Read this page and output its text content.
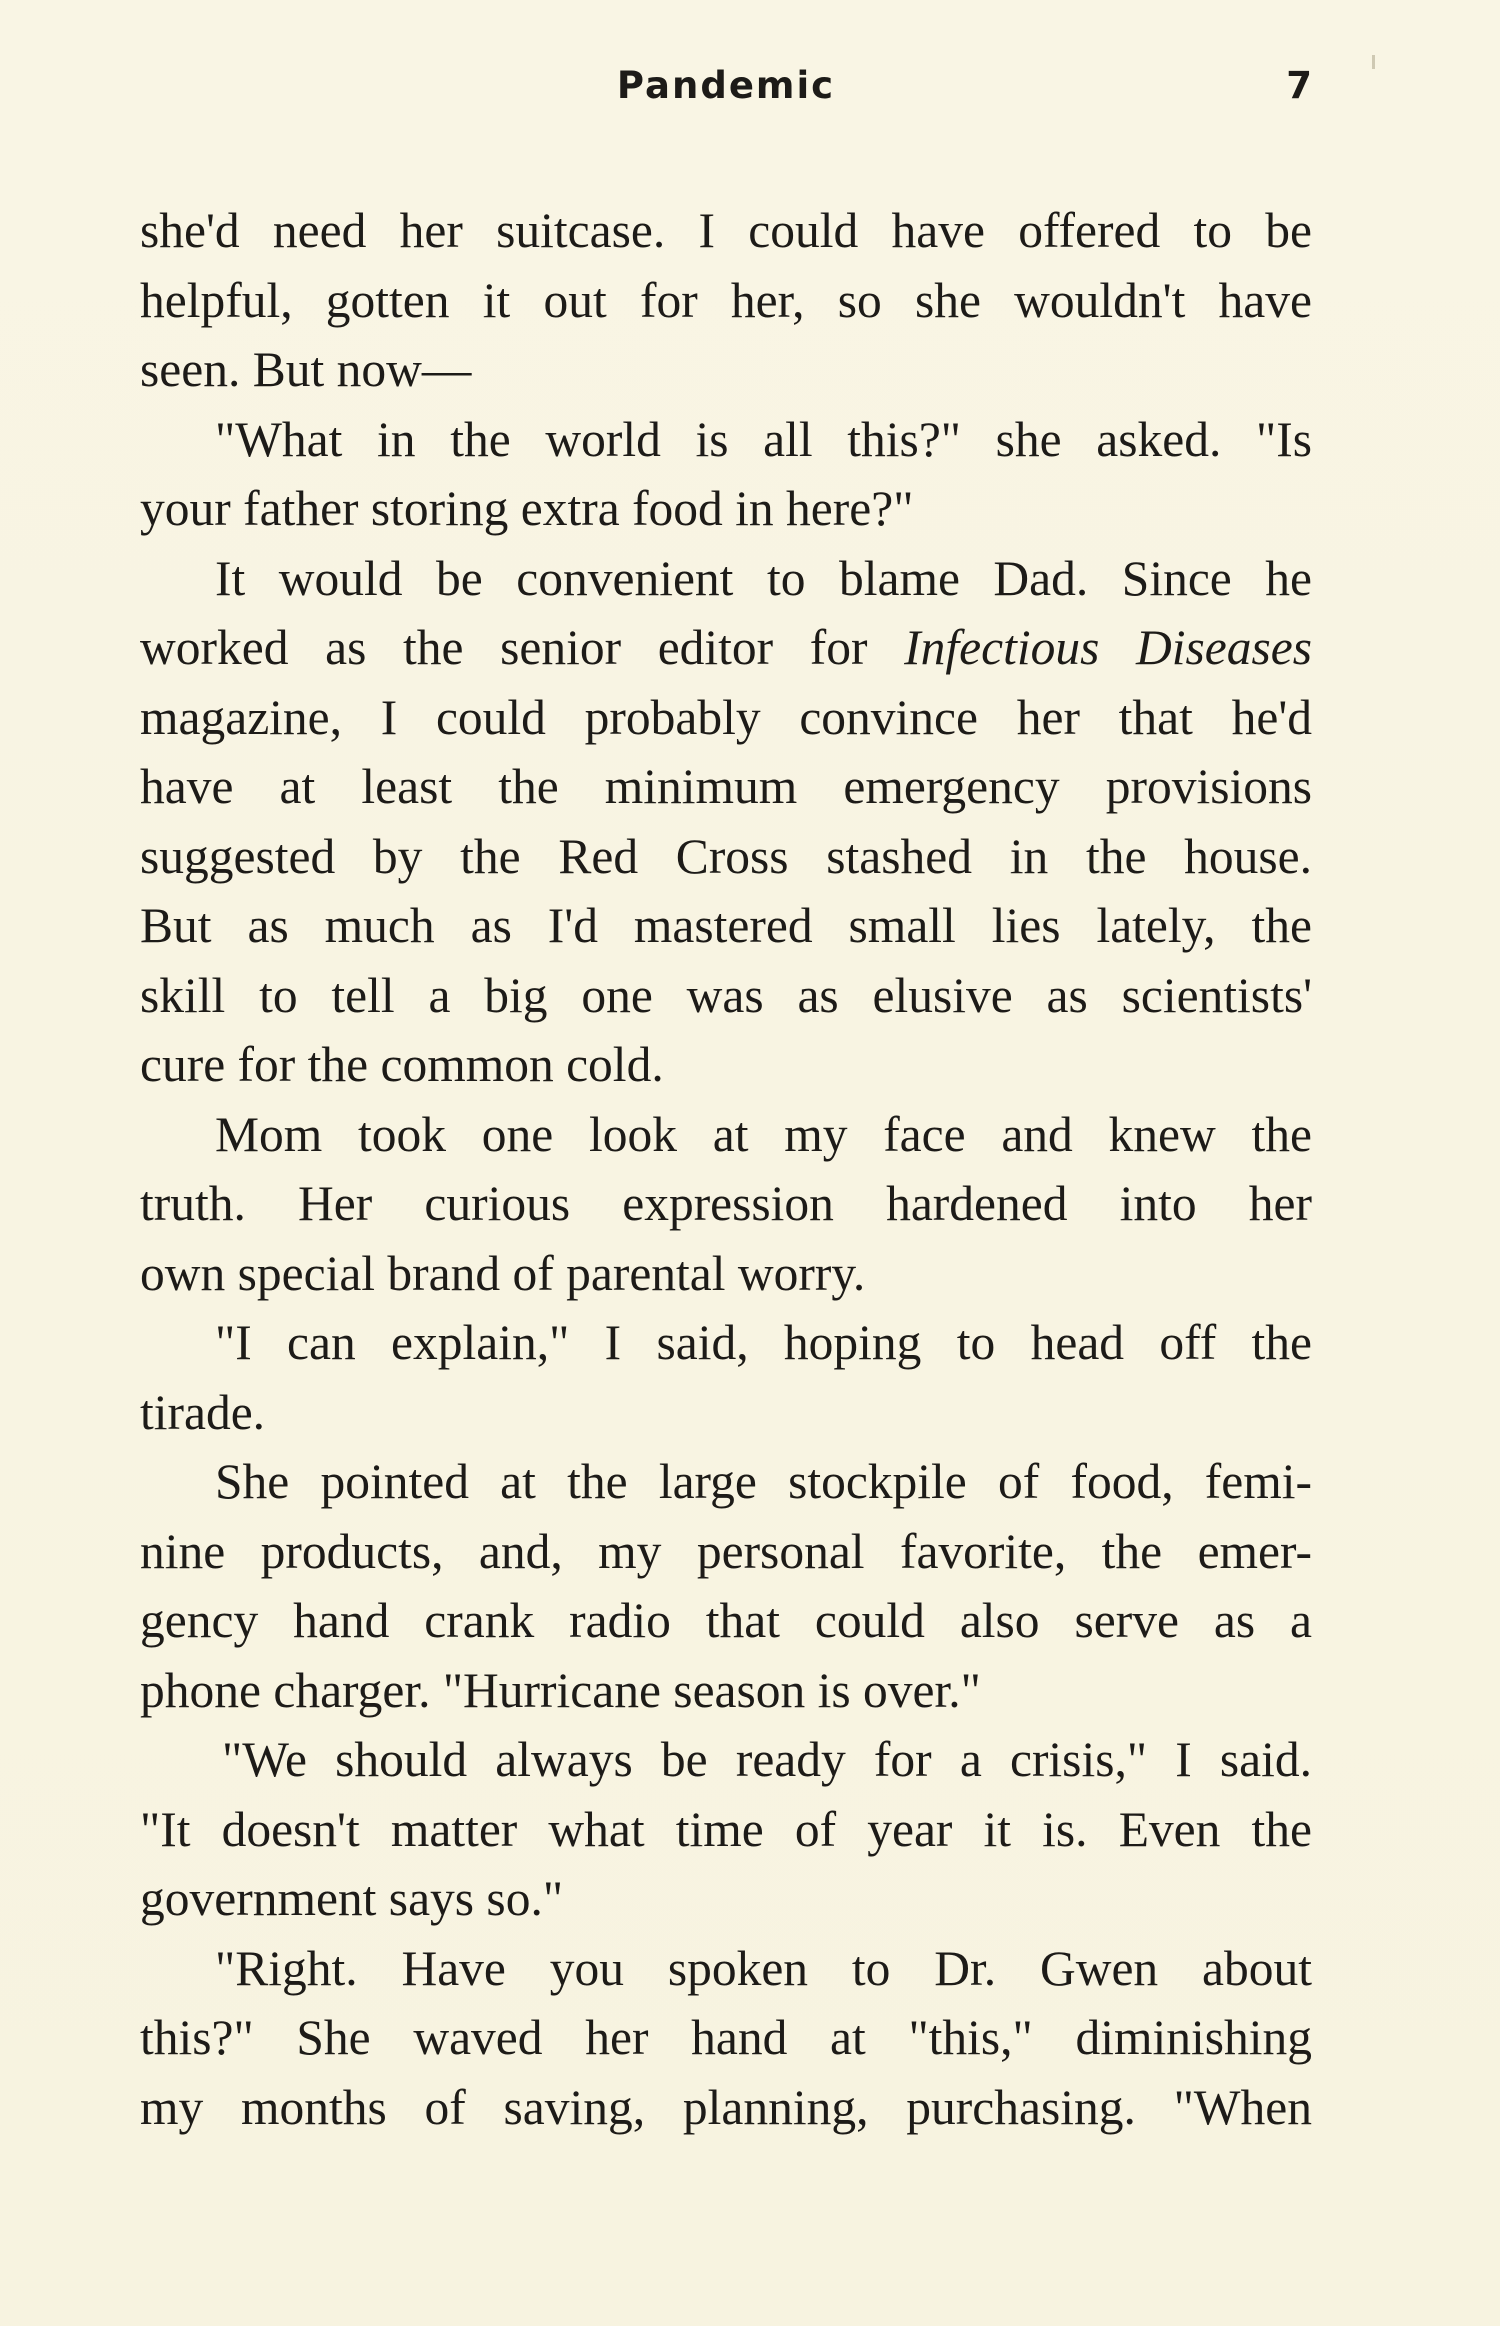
Pandemic	7
she'd need her suitcase. I could have offered to be
helpful, gotten it out for her, so she wouldn't have
seen. But now—
"What in the world is all this?" she asked. "Is
your father storing extra food in here?"
It would be convenient to blame Dad. Since he
worked as the senior editor for Infectious Diseases
magazine, I could probably convince her that he'd
have at least the minimum emergency provisions
suggested by the Red Cross stashed in the house.
But as much as I'd mastered small lies lately, the
skill to tell a big one was as elusive as scientists'
cure for the common cold.
Mom took one look at my face and knew the
truth. Her curious expression hardened into her
own special brand of parental worry.
"I can explain," I said, hoping to head off the
tirade.
She pointed at the large stockpile of food, femi-
nine products, and, my personal favorite, the emer-
gency hand crank radio that could also serve as a
phone charger. "Hurricane season is over."
"We should always be ready for a crisis," I said.
"It doesn't matter what time of year it is. Even the
government says so."
"Right. Have you spoken to Dr. Gwen about
this?" She waved her hand at "this," diminishing
my months of saving, planning, purchasing. "When
